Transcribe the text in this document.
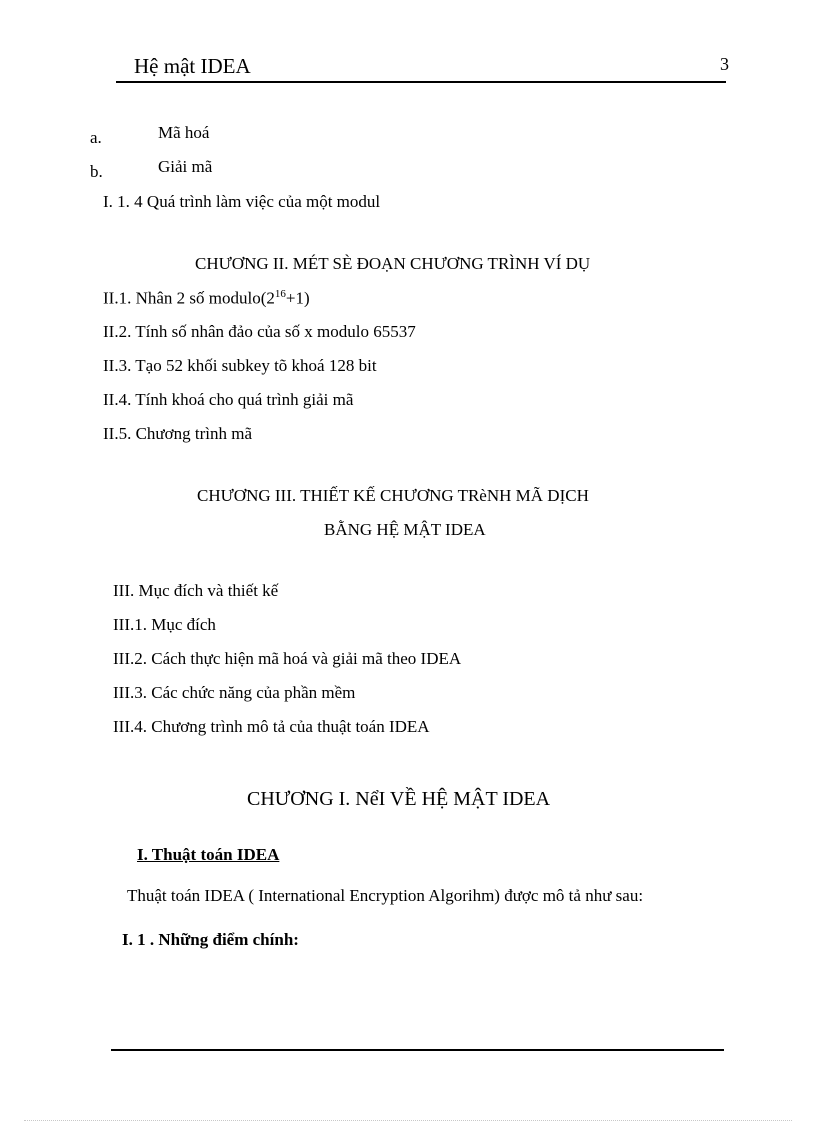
Hệ mật IDEA	3
a.	Mã hoá
b.	Giải mã
I. 1. 4 Quá trình làm việc của một modul
CHƯƠNG II. MÉT SÈ ĐOẠN CHƯƠNG TRÌNH VÍ DỤ
II.1. Nhân 2 số $modulo(2^{16}+1)$
II.2. Tính số nhân đảo của số x modulo 65537
II.3. Tạo 52 khối subkey tõ khoá 128 bit
II.4. Tính khoá cho quá trình giải mã
II.5. Chương trình mã
CHƯƠNG III. THIẾT KẾ CHƯƠNG TRèNH MÃ DỊCH
BẰNG HỆ MẬT IDEA
III. Mục đích và thiết kế
III.1. Mục đích
III.2. Cách thực hiện mã hoá và giải mã theo IDEA
III.3. Các chức năng của phần mềm
III.4. Chương trình mô tả của thuật toán IDEA
CHƯƠNG I. NểI VỀ HỆ MẬT IDEA
I. Thuật toán IDEA
Thuật toán IDEA ( International Encryption Algorihm) được mô tả như sau:
I. 1 . Những điểm chính:
